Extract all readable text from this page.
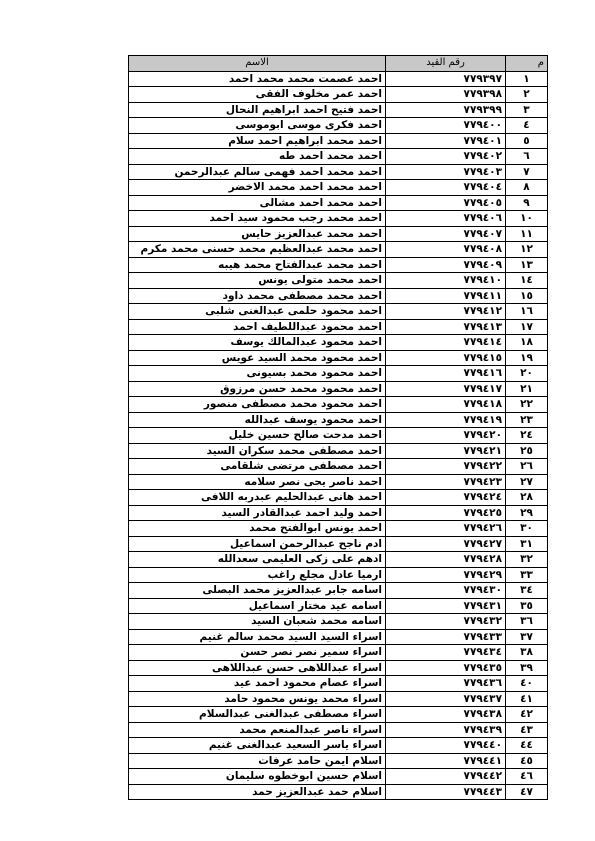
م	رقم القيد	الاسم
١	٧٧٩٣٩٧	احمد عصمت محمد محمد احمد
٢	٧٧٩٣٩٨	احمد عمر مخلوف الفقى
٣	٧٧٩٣٩٩	احمد فتيح احمد ابراهيم النحال
٤	٧٧٩٤٠٠	احمد فكرى موسى ابوموسى
٥	٧٧٩٤٠١	احمد محمد ابراهيم احمد سلام
٦	٧٧٩٤٠٢	احمد محمد احمد طه
٧	٧٧٩٤٠٣	احمد محمد احمد فهمى سالم عبدالرحمن
٨	٧٧٩٤٠٤	احمد محمد احمد محمد الاخضر
٩	٧٧٩٤٠٥	احمد محمد احمد مشالى
١٠	٧٧٩٤٠٦	احمد محمد رجب محمود سيد احمد
١١	٧٧٩٤٠٧	احمد محمد عبدالعزيز حايس
١٢	٧٧٩٤٠٨	احمد محمد عبدالعظيم محمد حسنى محمد مكرم
١٣	٧٧٩٤٠٩	احمد محمد عبدالفتاح محمد هيبه
١٤	٧٧٩٤١٠	احمد محمد متولى يونس
١٥	٧٧٩٤١١	احمد محمد مصطفى محمد داود
١٦	٧٧٩٤١٢	احمد محمود حلمى عبدالغنى شلبى
١٧	٧٧٩٤١٣	احمد محمود عبداللطيف احمد
١٨	٧٧٩٤١٤	احمد محمود عبدالمالك يوسف
١٩	٧٧٩٤١٥	احمد محمود محمد السيد عويس
٢٠	٧٧٩٤١٦	احمد محمود محمد بسيونى
٢١	٧٧٩٤١٧	احمد محمود محمد حسن مرزوق
٢٢	٧٧٩٤١٨	احمد محمود محمد مصطفى منصور
٢٣	٧٧٩٤١٩	احمد محمود يوسف عبدالله
٢٤	٧٧٩٤٢٠	احمد مدحت صالح حسين خليل
٢٥	٧٧٩٤٢١	احمد مصطفى محمد سكران السيد
٢٦	٧٧٩٤٢٢	احمد مصطفى مرتضى شلقامى
٢٧	٧٧٩٤٢٣	احمد ناصر يحى نصر سلامه
٢٨	٧٧٩٤٢٤	احمد هانى عبدالحليم عبدربه اللافى
٢٩	٧٧٩٤٢٥	احمد وليد احمد عبدالقادر السيد
٣٠	٧٧٩٤٢٦	احمد يونس ابوالفتح محمد
٣١	٧٧٩٤٢٧	ادم ناجح عبدالرحمن اسماعيل
٣٢	٧٧٩٤٢٨	ادهم على زكى العليمى سعدالله
٣٣	٧٧٩٤٢٩	ارميا عادل مجلع راغب
٣٤	٧٧٩٤٣٠	اسامه جابر عبدالعزيز محمد البصلى
٣٥	٧٧٩٤٣١	اسامه عيد مختار اسماعيل
٣٦	٧٧٩٤٣٢	اسامه محمد شعبان السيد
٣٧	٧٧٩٤٣٣	اسراء السيد السيد محمد سالم غنيم
٣٨	٧٧٩٤٣٤	اسراء سمير نصر نصر حسن
٣٩	٧٧٩٤٣٥	اسراء عبداللاهى حسن عبداللاهى
٤٠	٧٧٩٤٣٦	اسراء عصام محمود احمد عيد
٤١	٧٧٩٤٣٧	اسراء محمد يونس محمود حامد
٤٢	٧٧٩٤٣٨	اسراء مصطفى عبدالغنى عبدالسلام
٤٣	٧٧٩٤٣٩	اسراء ناصر عبدالمنعم محمد
٤٤	٧٧٩٤٤٠	اسراء ياسر السعيد عبدالغنى غنيم
٤٥	٧٧٩٤٤١	اسلام ايمن حامد عرفات
٤٦	٧٧٩٤٤٢	اسلام حسين ابوخطوه سليمان
٤٧	٧٧٩٤٤٣	اسلام حمد عبدالعزيز حمد
